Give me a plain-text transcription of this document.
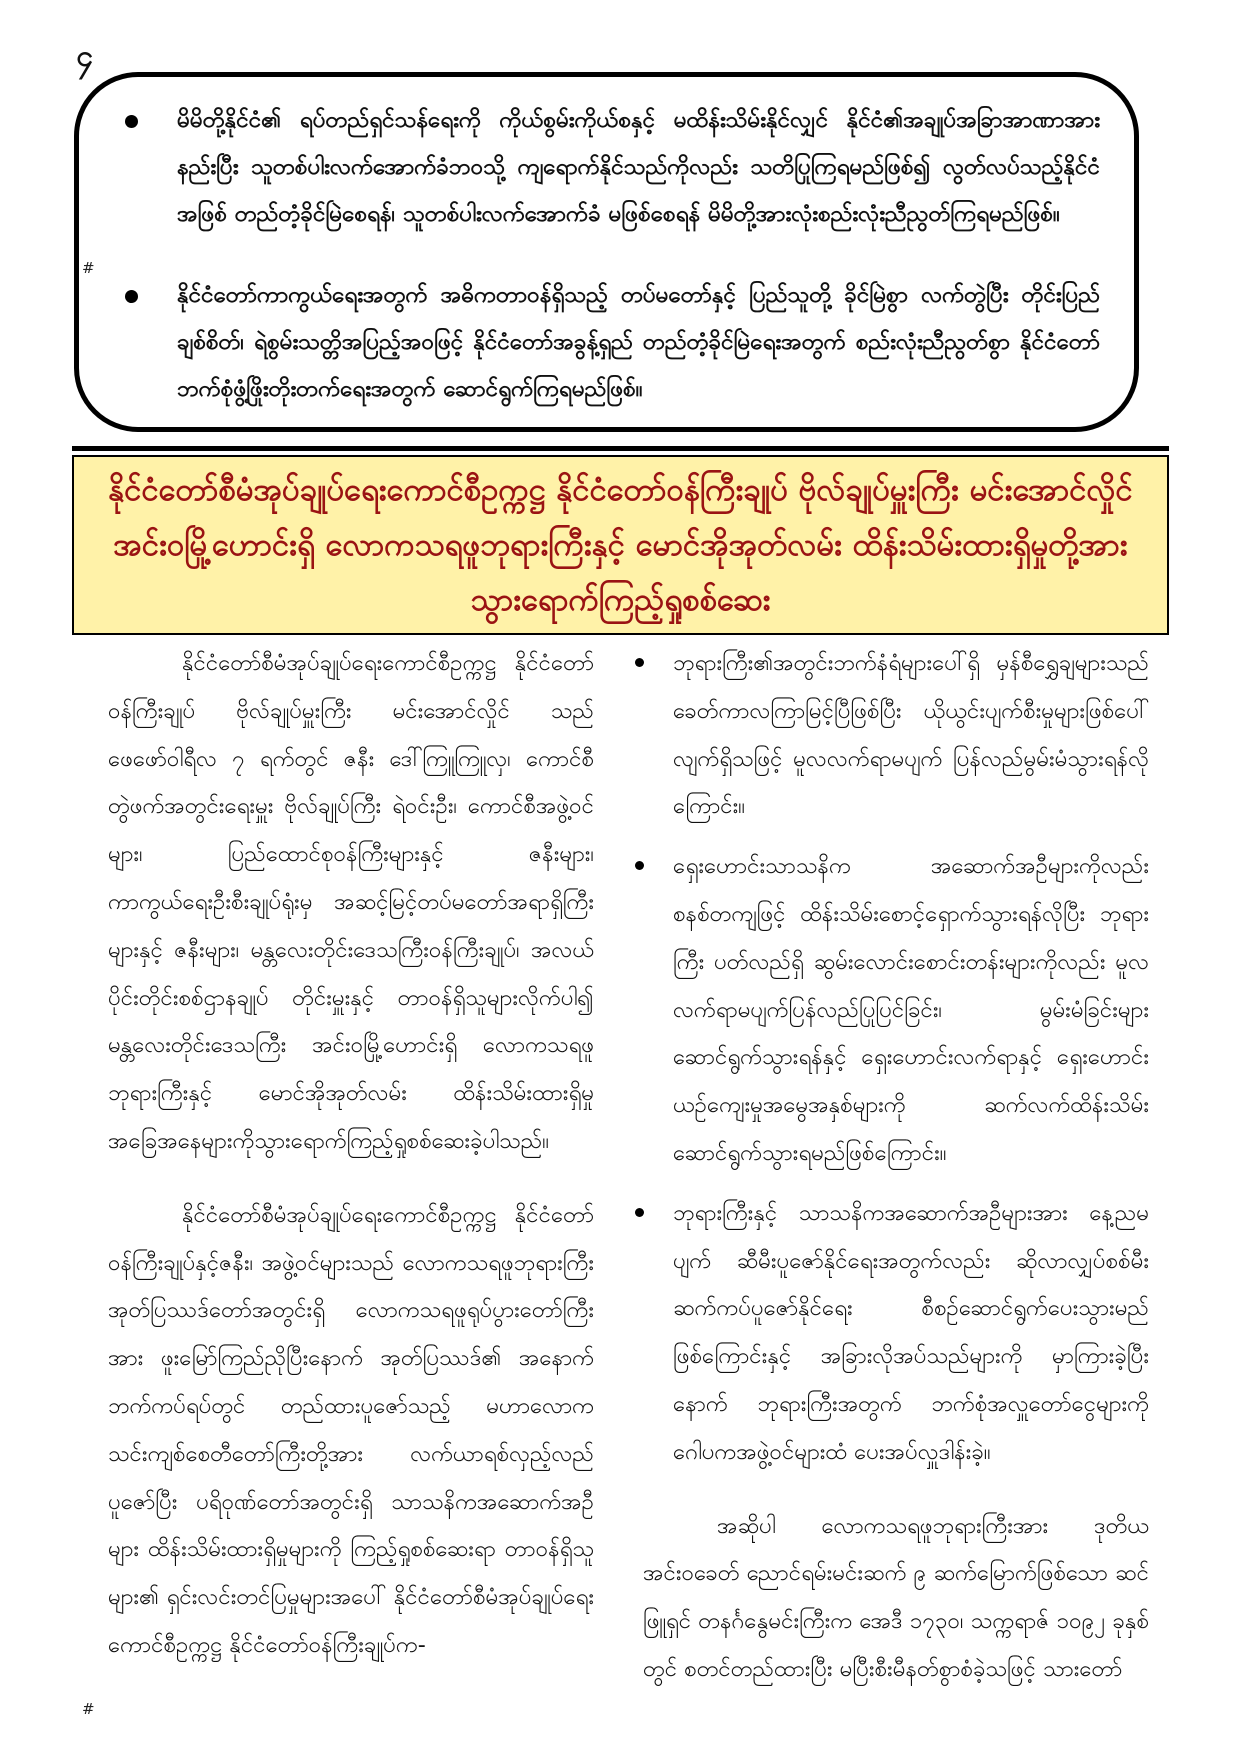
၄

မိမိတို့နိုင်ငံ၏ ရပ်တည်ရှင်သန်ရေးကို ကိုယ်စွမ်းကိုယ်စနှင့် မထိန်းသိမ်းနိုင်လျှင် နိုင်ငံ၏အချုပ်အခြာအာဏာအား နည်းပြီး သူတစ်ပါးလက်အောက်ခံဘဝသို့ ကျရောက်နိုင်သည်ကိုလည်း သတိပြုကြရမည်ဖြစ်၍ လွတ်လပ်သည့်နိုင်ငံ အဖြစ် တည်တံ့ခိုင်မြဲစေရန်၊ သူတစ်ပါးလက်အောက်ခံ မဖြစ်စေရန် မိမိတို့အားလုံးစည်းလုံးညီညွတ်ကြရမည်ဖြစ်။

နိုင်ငံတော်ကာကွယ်ရေးအတွက် အဓိကတာဝန်ရှိသည့် တပ်မတော်နှင့် ပြည်သူတို့ ခိုင်မြဲစွာ လက်တွဲပြီး တိုင်းပြည် ချစ်စိတ်၊ ရဲစွမ်းသတ္တိအပြည့်အဝဖြင့် နိုင်ငံတော်အခွန့်ရှည် တည်တံ့ခိုင်မြဲရေးအတွက် စည်းလုံးညီညွတ်စွာ နိုင်ငံတော် ဘက်စုံဖွံ့ဖြိုးတိုးတက်ရေးအတွက် ဆောင်ရွက်ကြရမည်ဖြစ်။

#
နိုင်ငံတော်စီမံအုပ်ချုပ်ရေးကောင်စီဥက္ကဋ္ဌ နိုင်ငံတော်ဝန်ကြီးချုပ် ဗိုလ်ချုပ်မှူးကြီး မင်းအောင်လှိုင် အင်းဝမြို့ဟောင်းရှိ လောကသရဖူဘုရားကြီးနှင့် မောင်အိုအုတ်လမ်း ထိန်းသိမ်းထားရှိမှုတို့အား သွားရောက်ကြည့်ရှုစစ်ဆေး

နိုင်ငံတော်စီမံအုပ်ချုပ်ရေးကောင်စီဥက္ကဋ္ဌ နိုင်ငံတော်ဝန်ကြီးချုပ် ဗိုလ်ချုပ်မှူးကြီး မင်းအောင်လှိုင် သည် ဖေဖော်ဝါရီလ ၇ ရက်တွင် ဇနီး ဒေါ်ကြူကြူလှ၊ ကောင်စီတွဲဖက်အတွင်းရေးမှူး ဗိုလ်ချုပ်ကြီး ရဲဝင်းဦး၊ ကောင်စီအဖွဲ့ဝင်များ၊ ပြည်ထောင်စုဝန်ကြီးများနှင့် ဇနီးများ၊ ကာကွယ်ရေးဦးစီးချုပ်ရုံးမှ အဆင့်မြင့်တပ်မတော်အရာရှိကြီးများနှင့် ဇနီးများ၊ မန္တလေးတိုင်းဒေသကြီးဝန်ကြီးချုပ်၊ အလယ်ပိုင်းတိုင်းစစ်ဌာနချုပ် တိုင်းမှူးနှင့် တာဝန်ရှိသူများလိုက်ပါ၍ မန္တလေးတိုင်းဒေသကြီး အင်းဝမြို့ဟောင်းရှိ လောကသရဖူဘုရားကြီးနှင့် မောင်အိုအုတ်လမ်း ထိန်းသိမ်းထားရှိမှုအခြေအနေများကိုသွားရောက်ကြည့်ရှုစစ်ဆေးခဲ့ပါသည်။

နိုင်ငံတော်စီမံအုပ်ချုပ်ရေးကောင်စီဥက္ကဋ္ဌ နိုင်ငံတော်ဝန်ကြီးချုပ်နှင့်ဇနီး၊ အဖွဲ့ဝင်များသည် လောကသရဖူဘုရားကြီး အုတ်ပြဿဒ်တော်အတွင်းရှိ လောကသရဖူရုပ်ပွားတော်ကြီးအား ဖူးမြော်ကြည်ညိုပြီးနောက် အုတ်ပြဿဒ်၏ အနောက်ဘက်ကပ်ရပ်တွင် တည်ထားပူဇော်သည့် မဟာလောကသင်းကျစ်စေတီတော်ကြီးတို့အား လက်ယာရစ်လှည့်လည်ပူဇော်ပြီး ပရိဝုဏ်တော်အတွင်းရှိ သာသနိကအဆောက်အဦများ ထိန်းသိမ်းထားရှိမှုများကို ကြည့်ရှုစစ်ဆေးရာ တာဝန်ရှိသူ များ၏ ရှင်းလင်းတင်ပြမှုများအပေါ် နိုင်ငံတော်စီမံအုပ်ချုပ်ရေးကောင်စီဥက္ကဋ္ဌ နိုင်ငံတော်ဝန်ကြီးချုပ်က-

ဘုရားကြီး၏အတွင်းဘက်နံရံများပေါ်ရှိ မှန်စီရွှေချများသည် ခေတ်ကာလကြာမြင့်ပြီဖြစ်ပြီး ယိုယွင်းပျက်စီးမှုများဖြစ်ပေါ်လျက်ရှိသဖြင့် မူလလက်ရာမပျက် ပြန်လည်မွမ်းမံသွားရန်လိုကြောင်း။

ရှေးဟောင်းသာသနိက အဆောက်အဦများကိုလည်း စနစ်တကျဖြင့် ထိန်းသိမ်းစောင့်ရှောက်သွားရန်လိုပြီး ဘုရားကြီး ပတ်လည်ရှိ ဆွမ်းလောင်းစောင်းတန်းများကိုလည်း မူလလက်ရာမပျက်ပြန်လည်ပြုပြင်ခြင်း၊ မွမ်းမံခြင်းများ ဆောင်ရွက်သွားရန်နှင့် ရှေးဟောင်းလက်ရာနှင့် ရှေးဟောင်းယဉ်ကျေးမှုအမွေအနှစ်များကို ဆက်လက်ထိန်းသိမ်းဆောင်ရွက်သွားရမည်ဖြစ်ကြောင်း။

ဘုရားကြီးနှင့် သာသနိကအဆောက်အဦများအား နေ့ညမပျက် ဆီမီးပူဇော်နိုင်ရေးအတွက်လည်း ဆိုလာလျှပ်စစ်မီးဆက်ကပ်ပူဇော်နိုင်ရေး စီစဉ်ဆောင်ရွက်ပေးသွားမည်ဖြစ်ကြောင်းနှင့် အခြားလိုအပ်သည်များကို မှာကြားခဲ့ပြီးနောက် ဘုရားကြီးအတွက် ဘက်စုံအလှူတော်ငွေများကို ဂေါပကအဖွဲ့ဝင်များထံ ပေးအပ်လှူဒါန်းခဲ့။

အဆိုပါ လောကသရဖူဘုရားကြီးအား ဒုတိယအင်းဝခေတ် ညောင်ရမ်းမင်းဆက် ၉ ဆက်မြောက်ဖြစ်သော ဆင်ဖြူရှင် တနင်္ဂနွေမင်းကြီးက အေဒီ ၁၇၃၀၊ သက္ကရာဇ် ၁၀၉၂ ခုနှစ်တွင် စတင်တည်ထားပြီး မပြီးစီးမီနတ်စွာစံခဲ့သဖြင့် သားတော်

#
